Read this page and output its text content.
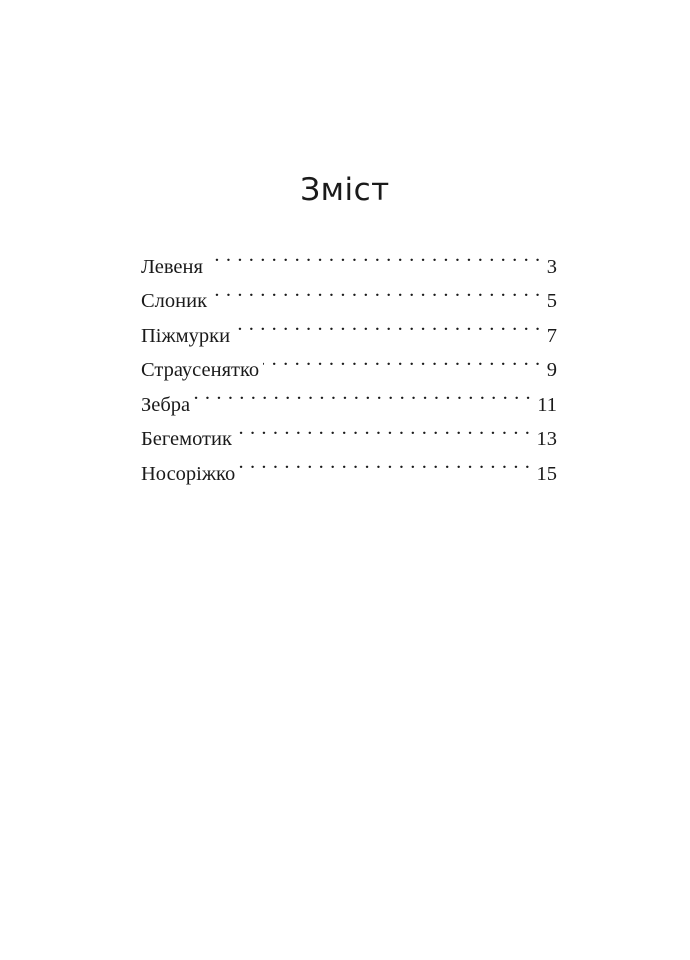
Зміст
Левеня . . .	3
Слоник . . .	5
Піжмурки . . .	7
Страусенятко . . .	9
Зебра . . .	11
Бегемотик . . .	13
Носоріжко . . .	15
